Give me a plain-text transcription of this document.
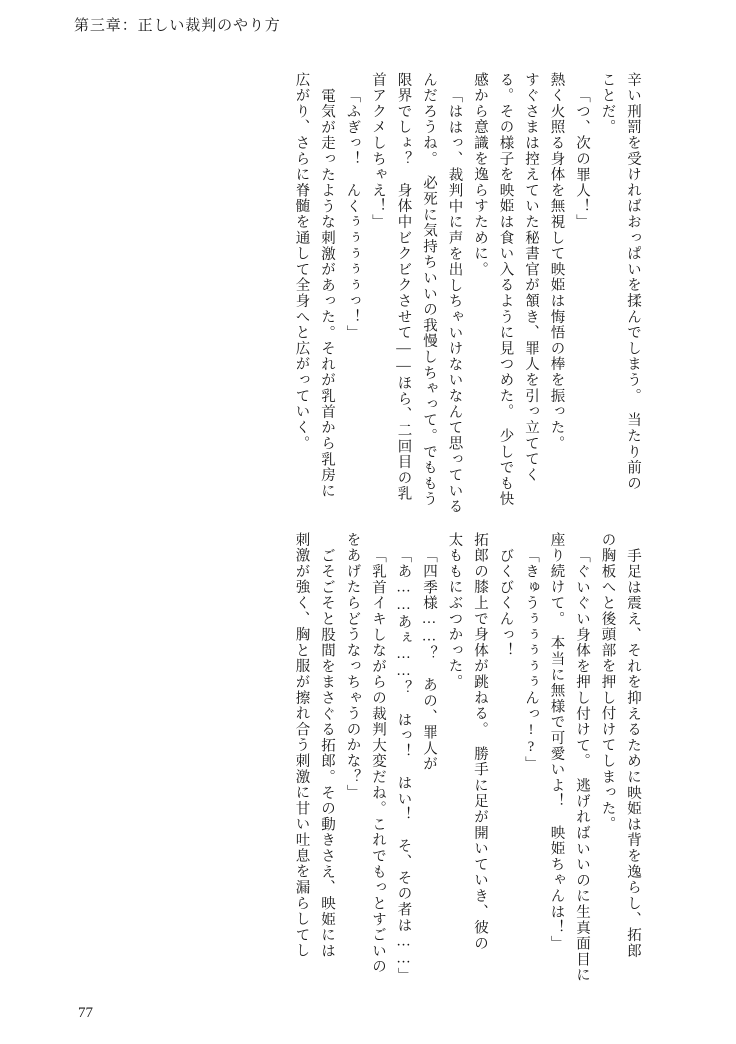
第三章：正しい裁判のやり方
辛い刑罰を受ければおっぱいを揉んでしまう。　当たり前の
ことだ。
「つ、次の罪人！」
熱く火照る身体を無視して映姫は悔悟の棒を振った。
すぐさまは控えていた秘書官が頷き、罪人を引っ立ててく
る。その様子を映姫は食い入るように見つめた。　少しでも快
感から意識を逸らすために。
「ははっ、裁判中に声を出しちゃいけないなんて思っている
んだろうね。　必死に気持ちいいの我慢しちゃって。でももう
限界でしょ？　身体中ビクビクさせて――ほら、二回目の乳
首アクメしちゃえ！」
「ふぎっ！　んくぅぅぅぅぅっ！」
電気が走ったような刺激があった。それが乳首から乳房に
広がり、さらに脊髄を通して全身へと広がっていく。
手足は震え、それを抑えるために映姫は背を逸らし、拓郎
の胸板へと後頭部を押し付けてしまった。
「ぐいぐい身体を押し付けて。　逃げればいいのに生真面目に
座り続けて。　本当に無様で可愛いよ！　映姫ちゃんは！」
「きゅうぅぅぅぅぅんっ!?」
びくびくんっ！
拓郎の膝上で身体が跳ねる。　勝手に足が開いていき、彼の
太ももにぶつかった。
「四季様……？　あの、罪人が
「あ……あぇ……？　はっ！　はい！　そ、その者は……」
「乳首イキしながらの裁判大変だね。これでもっとすごいの
をあげたらどうなっちゃうのかな？」
ごそごそと股間をまさぐる拓郎。その動きさえ、映姫には
刺激が強く、胸と服が擦れ合う刺激に甘い吐息を漏らしてし
77
